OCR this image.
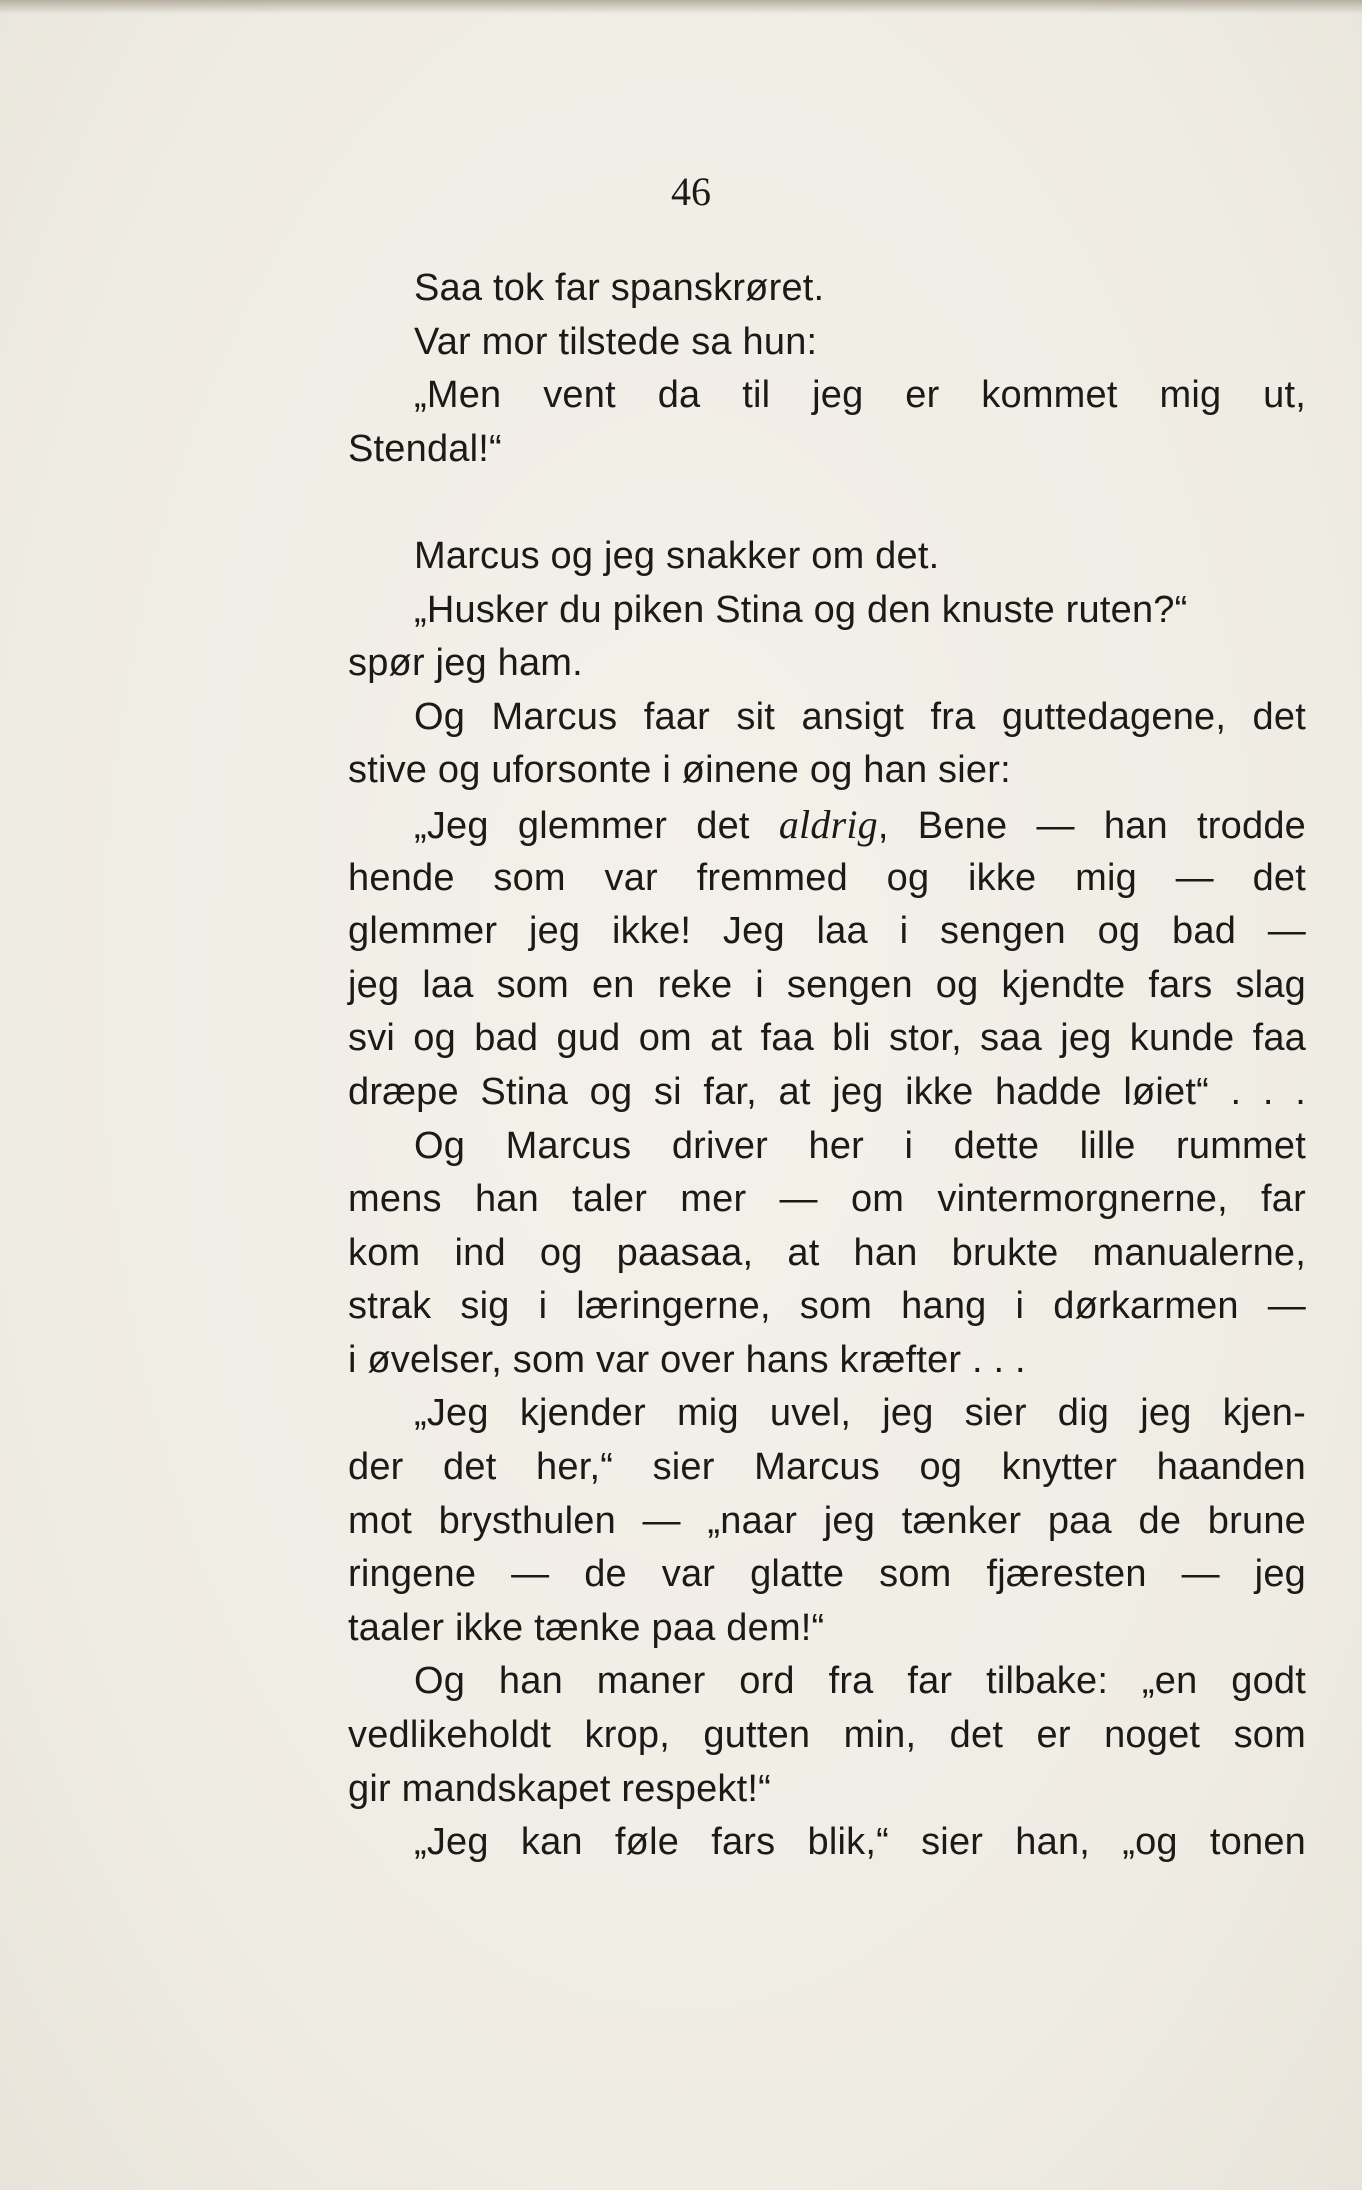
46
Saa tok far spanskrøret.
Var mor tilstede sa hun:
„Men vent da til jeg er kommet mig ut,
Stendal!“
Marcus og jeg snakker om det.
„Husker du piken Stina og den knuste ruten?“
spør jeg ham.
Og Marcus faar sit ansigt fra guttedagene, det
stive og uforsonte i øinene og han sier:
„Jeg glemmer det aldrig, Bene — han trodde
hende som var fremmed og ikke mig — det
glemmer jeg ikke! Jeg laa i sengen og bad —
jeg laa som en reke i sengen og kjendte fars slag
svi og bad gud om at faa bli stor, saa jeg kunde faa
dræpe Stina og si far, at jeg ikke hadde løiet“ . . .
Og Marcus driver her i dette lille rummet
mens han taler mer — om vintermorgnerne, far
kom ind og paasaa, at han brukte manualerne,
strak sig i læringerne, som hang i dørkarmen —
i øvelser, som var over hans kræfter . . .
„Jeg kjender mig uvel, jeg sier dig jeg kjen-
der det her,“ sier Marcus og knytter haanden
mot brysthulen — „naar jeg tænker paa de brune
ringene — de var glatte som fjæresten — jeg
taaler ikke tænke paa dem!“
Og han maner ord fra far tilbake: „en godt
vedlikeholdt krop, gutten min, det er noget som
gir mandskapet respekt!“
„Jeg kan føle fars blik,“ sier han, „og tonen
